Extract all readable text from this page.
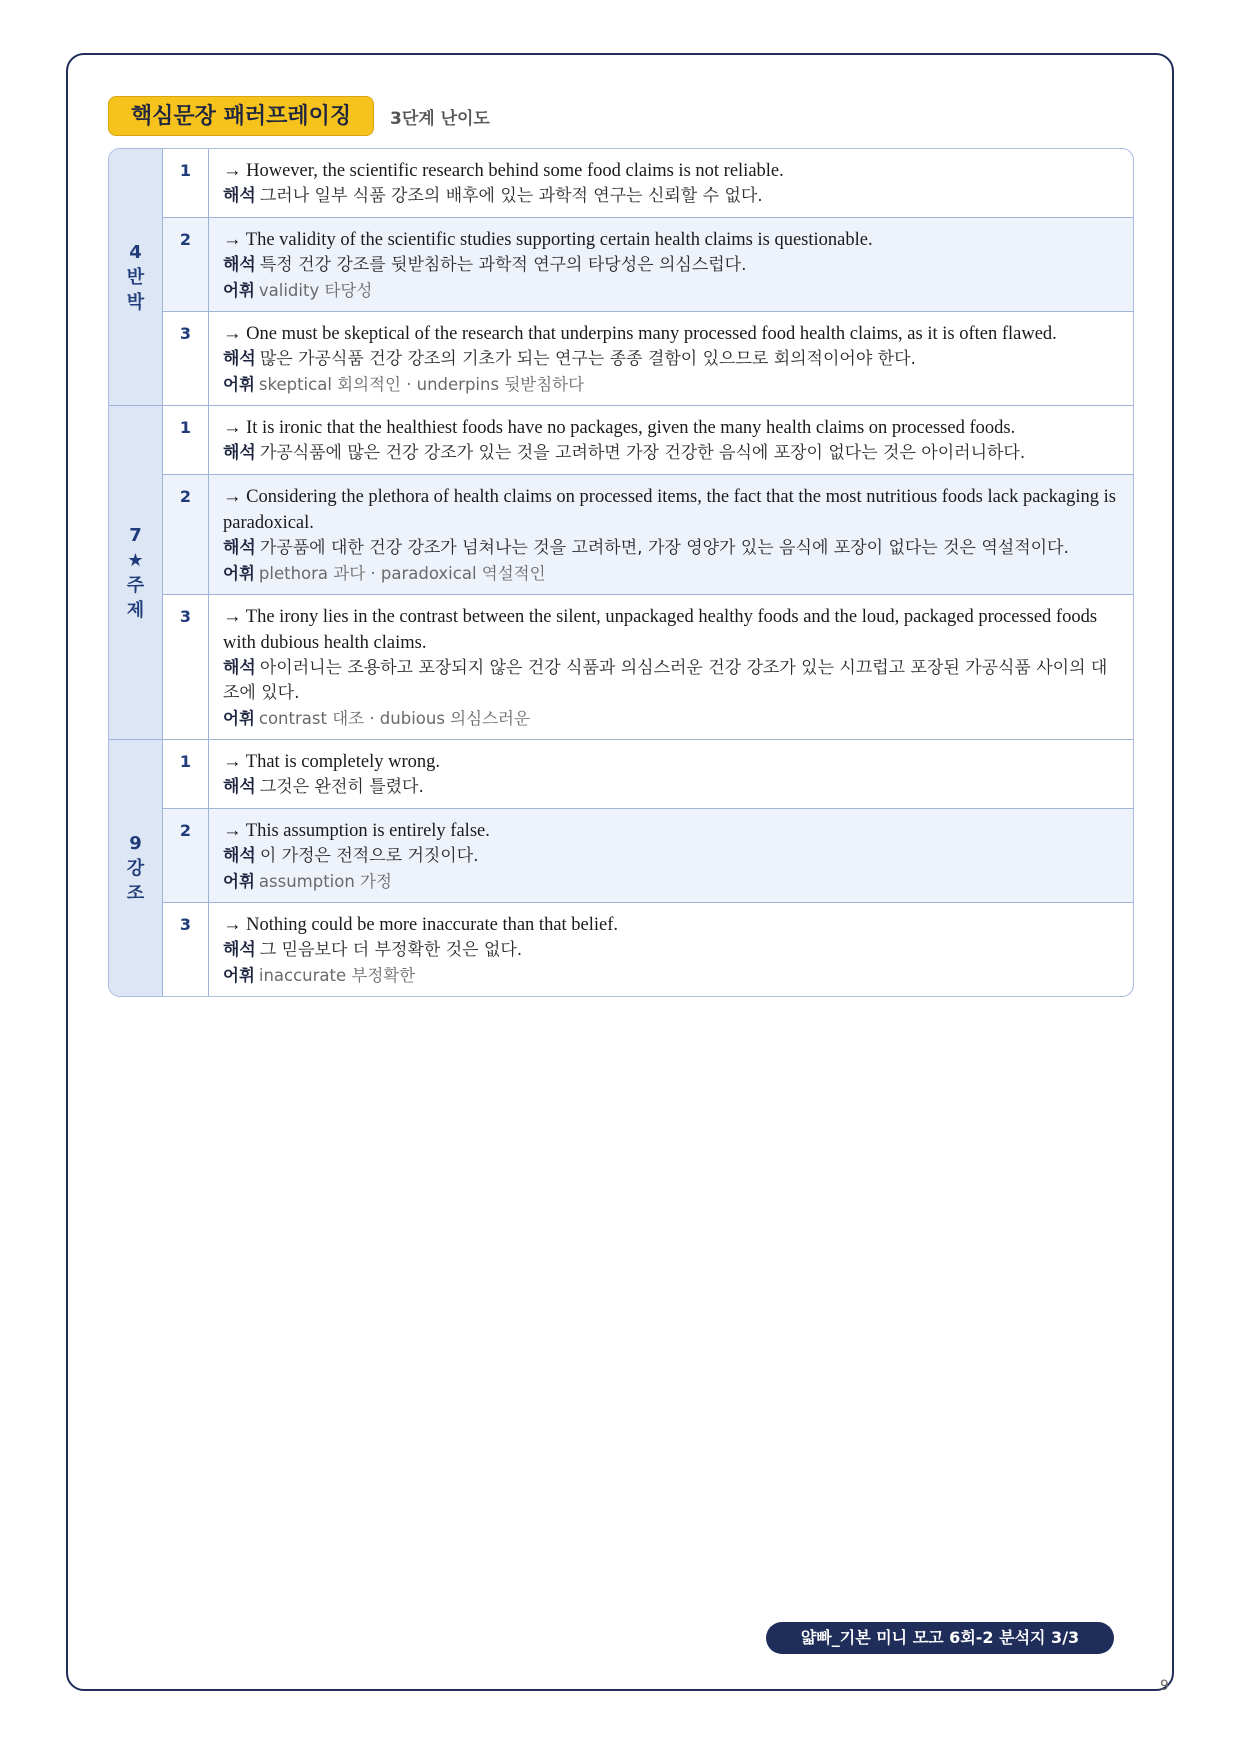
핵심문장 패러프레이징	3단계 난이도
4
반
박
1	→ However, the scientific research behind some food claims is not reliable.
해석 그러나 일부 식품 강조의 배후에 있는 과학적 연구는 신뢰할 수 없다.
2	→ The validity of the scientific studies supporting certain health claims is questionable.
해석 특정 건강 강조를 뒷받침하는 과학적 연구의 타당성은 의심스럽다.
어휘 validity 타당성
3	→ One must be skeptical of the research that underpins many processed food health claims, as it is often flawed.
해석 많은 가공식품 건강 강조의 기초가 되는 연구는 종종 결함이 있으므로 회의적이어야 한다.
어휘 skeptical 회의적인 · underpins 뒷받침하다
7
★
주
제
1	→ It is ironic that the healthiest foods have no packages, given the many health claims on processed foods.
해석 가공식품에 많은 건강 강조가 있는 것을 고려하면 가장 건강한 음식에 포장이 없다는 것은 아이러니하다.
2	→ Considering the plethora of health claims on processed items, the fact that the most nutritious foods lack packaging is paradoxical.
해석 가공품에 대한 건강 강조가 넘쳐나는 것을 고려하면, 가장 영양가 있는 음식에 포장이 없다는 것은 역설적이다.
어휘 plethora 과다 · paradoxical 역설적인
3	→ The irony lies in the contrast between the silent, unpackaged healthy foods and the loud, packaged processed foods with dubious health claims.
해석 아이러니는 조용하고 포장되지 않은 건강 식품과 의심스러운 건강 강조가 있는 시끄럽고 포장된 가공식품 사이의 대조에 있다.
어휘 contrast 대조 · dubious 의심스러운
9
강
조
1	→ That is completely wrong.
해석 그것은 완전히 틀렸다.
2	→ This assumption is entirely false.
해석 이 가정은 전적으로 거짓이다.
어휘 assumption 가정
3	→ Nothing could be more inaccurate than that belief.
해석 그 믿음보다 더 부정확한 것은 없다.
어휘 inaccurate 부정확한
얇빠_기본 미니 모고 6회-2 분석지 3/3
9
